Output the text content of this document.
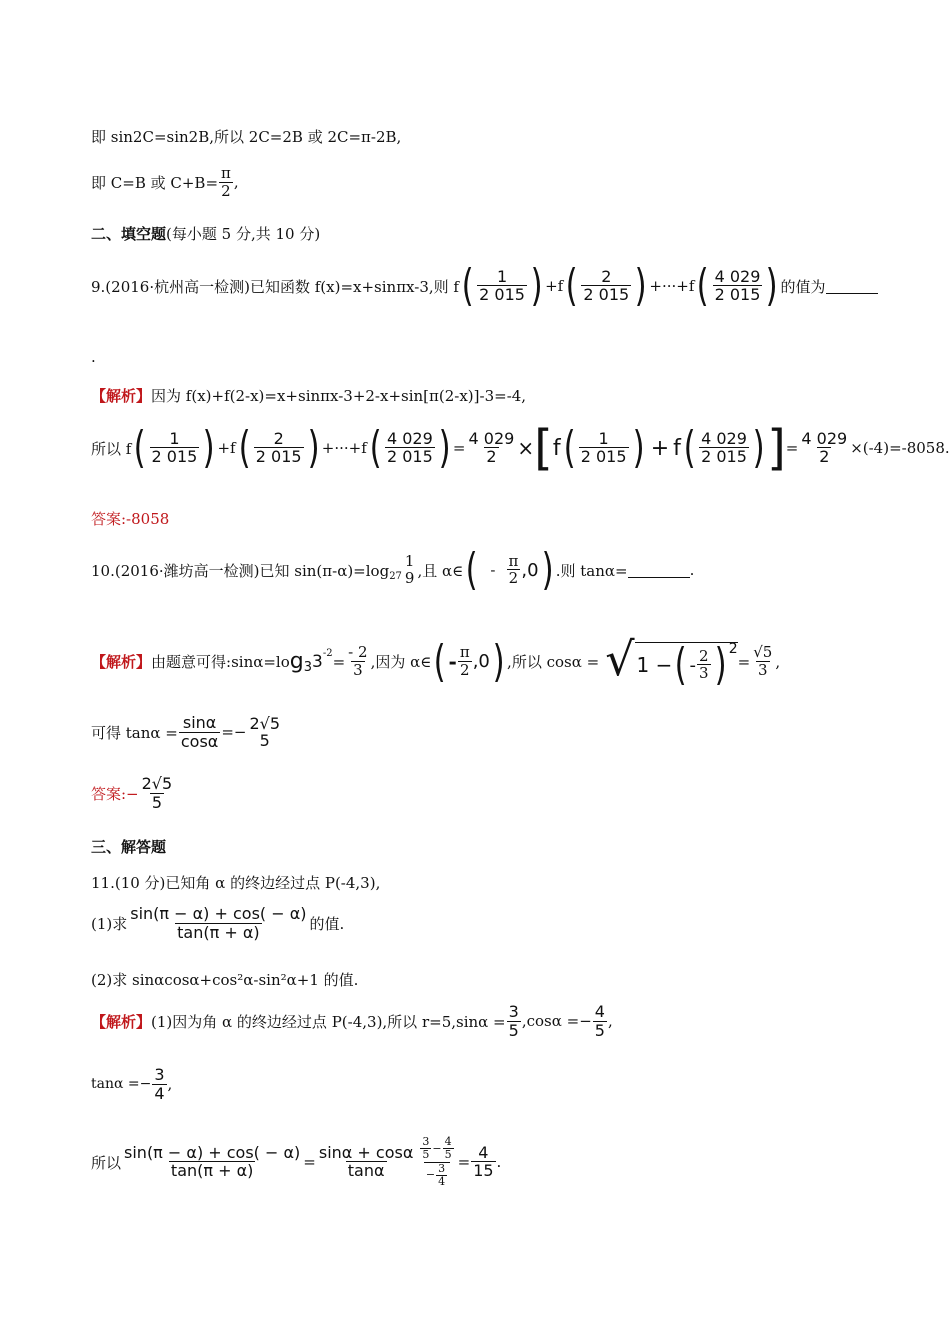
即 sin2C=sin2B,所以 2C=2B 或 2C=π-2B,
即 C=B 或 $C+B= \frac{\pi}{2}$ ,
二、填空题 (每小题 5 分,共 10 分)
9.(2016·杭州高一检测)已知函数 f(x)=x+sinπx-3,则 f ( $\frac{1}{2 015}$ ) +f ( $\frac{2}{2 015}$ ) +···+f ( $\frac{4 029}{2 015}$ ) 的值为
.
【解析】 因为 f(x)+f(2-x)=x+sinπx-3+2-x+sin[π(2-x)]-3=-4,
所以 f ( $\frac{1}{2 015}$ ) +f ( $\frac{2}{2 015}$ ) +···+f ( $\frac{4 029}{2 015}$ ) = $\frac{4 029}{2}$ × [ f ( $\frac{1}{2 015}$ ) + f ( $\frac{4 029}{2 015}$ ) ] = $\frac{4 029}{2} \times(-4)=-8058$.
答案:-8058
10.(2016·潍坊高一检测)已知 sin(π-α)=log 27
1
9 ,且 α∈ ( - $\frac{\pi}{2} ,0$ ) .则 tanα=	.
【解析】 由题意可得:sinα=lo g 3 3 $-2 = \frac{- 2}{3}$ ,因为 α∈ ( - $\frac{\pi}{2} ,0$ ) ,所以 cosα = √ 1 − ( - $\frac{2}{3}$ ) 2
= $\frac{√5}{3}$ ,
可得 $\tan\alpha = \frac{\sin\alpha}{\cos\alpha} =- 2√5$
5
答案:− $\frac{2√5}{5}$
三、解答题
11.(10 分)已知角 α 的终边经过点 P(-4,3),
(1)求 $\frac{\sin(\pi - \alpha) + \cos( - \alpha)}{\tan(\pi + \alpha)}$ 的值.
(2)求 sinαcosα+cos²α-sin²α+1 的值.
【解析】 (1)因为角 α 的终边经过点 P(-4,3),所以 $r=5,\sin\alpha = \frac{3}{5} ,\cos\alpha =- \frac{4}{5}$ ,
$\tan\alpha =- \frac{3}{4}$ ,
所以 $\frac{\sin(\pi - \alpha) + \cos( - \alpha)}{\tan(\pi + \alpha)} = \frac{\sin\alpha + \cos\alpha}{\tan\alpha} \frac{\frac{3}{5} - \frac{4}{5}}{- \frac{3}{4}} = \frac{4}{15}$ .
